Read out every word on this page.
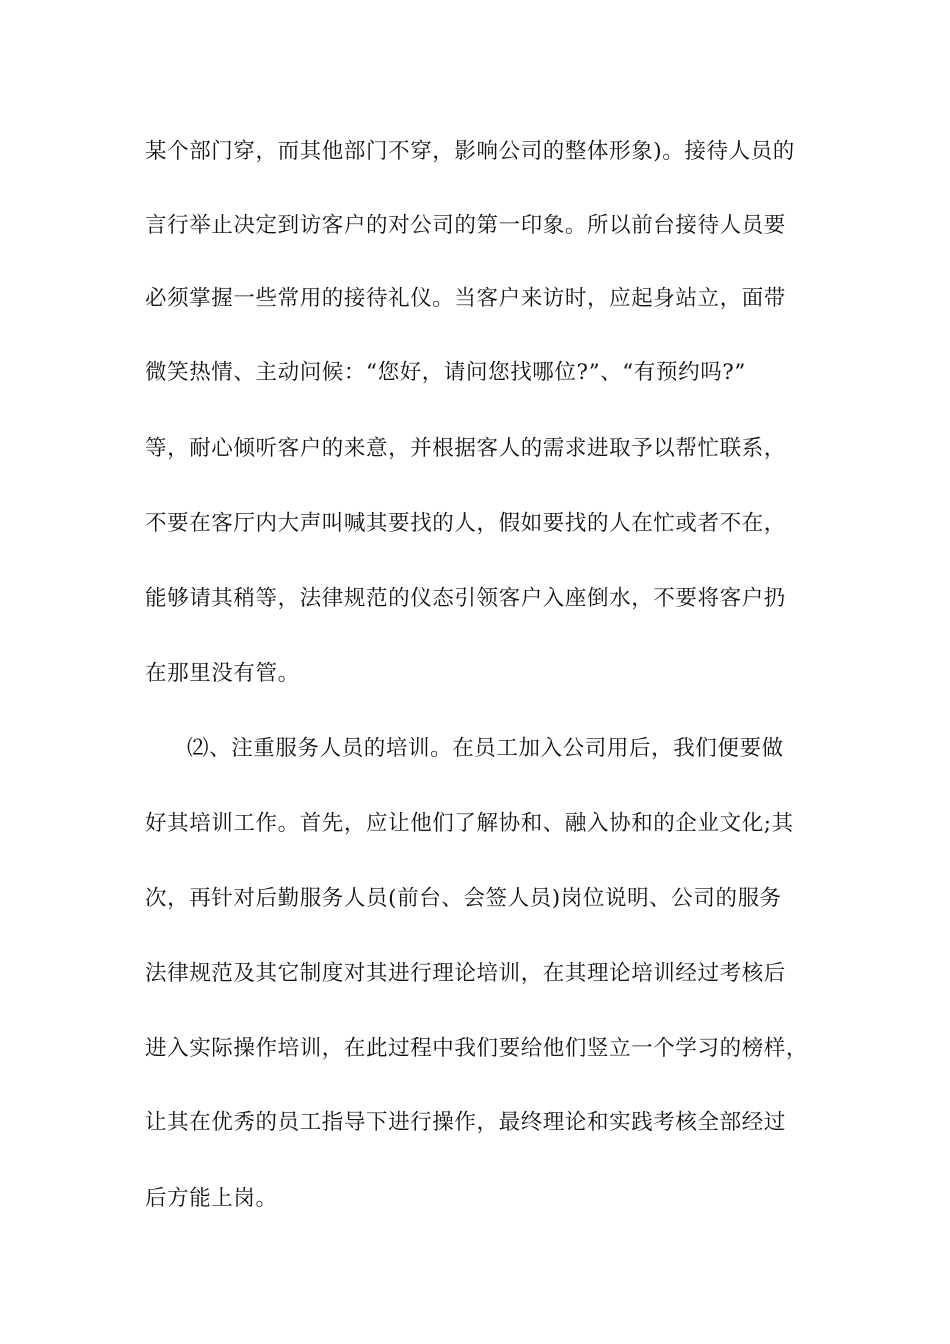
某个部门穿，而其他部门不穿，影响公司的整体形象)。接待人员的
言行举止决定到访客户的对公司的第一印象。所以前台接待人员要
必须掌握一些常用的接待礼仪。当客户来访时，应起身站立，面带
微笑热情、主动问候：“您好，请问您找哪位?”、“有预约吗?”
等，耐心倾听客户的来意，并根据客人的需求进取予以帮忙联系，
不要在客厅内大声叫喊其要找的人，假如要找的人在忙或者不在，
能够请其稍等，法律规范的仪态引领客户入座倒水，不要将客户扔
在那里没有管。
⑵、注重服务人员的培训。在员工加入公司用后，我们便要做
好其培训工作。首先，应让他们了解协和、融入协和的企业文化;其
次，再针对后勤服务人员(前台、会签人员)岗位说明、公司的服务
法律规范及其它制度对其进行理论培训，在其理论培训经过考核后
进入实际操作培训，在此过程中我们要给他们竖立一个学习的榜样，
让其在优秀的员工指导下进行操作，最终理论和实践考核全部经过
后方能上岗。
